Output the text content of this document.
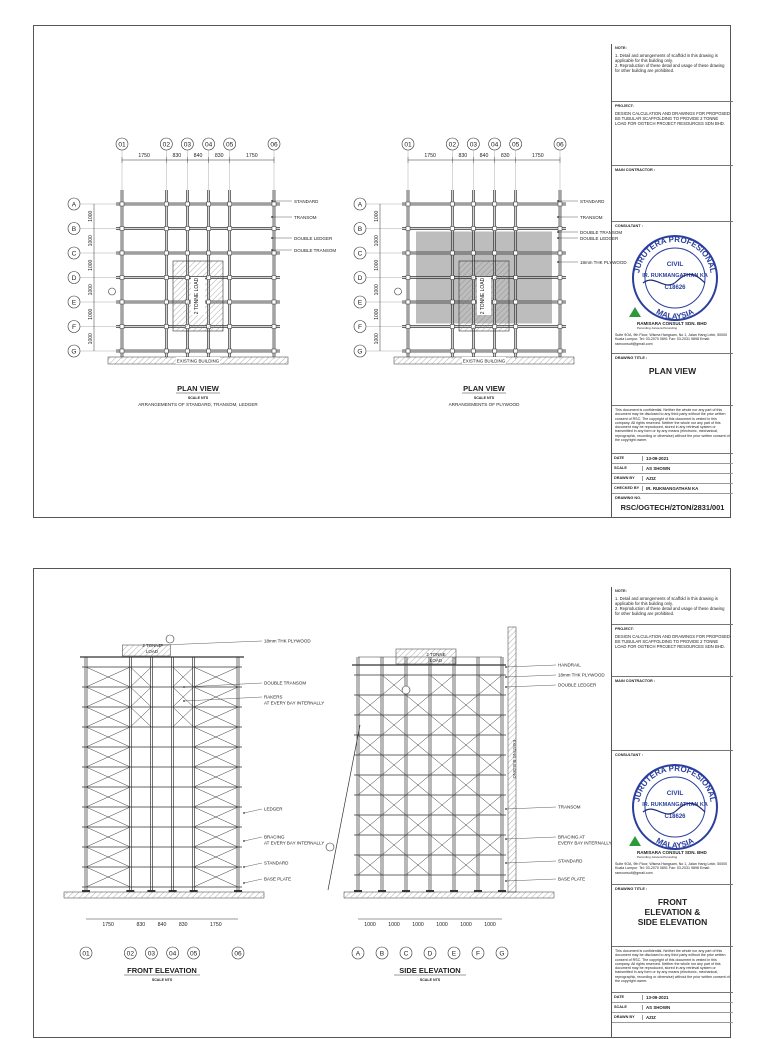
01	02 03 04 05	06
1750	830 840 830	1750
A
B
C
D
E
F
G
1000
1000
1000
1000
1000
1000
2 TONNE LOAD
EXISTING BUILDING
STANDARD
TRANSOM
DOUBLE LEDGER
DOUBLE TRANSOM
PLAN VIEW
SCALE NTS
ARRANGEMENTS OF STANDARD, TRANSOM, LEDGER
01	02 03 04 05	06
1750	830 840 830	1750
A
B
C
D
E
F
G
1000
1000
1000
1000
1000
1000
2 TONNE LOAD
EXISTING BUILDING
STANDARD
TRANSOM
DOUBLE TRANSOM
DOUBLE LEDGER
18mm THK PLYWOOD
PLAN VIEW
SCALE NTS
ARRANGEMENTS OF PLYWOOD
NOTE:
1. Detail and arrangements of scaffold in this drawing is applicable for this building only.
2. Reproduction of these detail and usage of these drawing for other building are prohibited.
PROJECT:
DESIGN CALCULATION AND DRAWINGS FOR PROPOSED BS TUBULAR SCAFFOLDING TO PROVIDE 2 TONNE LOAD FOR OGTECH PROJECT RESOURCES SDN BHD.
MAIN CONTRACTOR :
CONSULTANT :
JURUTERA PROFESIONAL
MALAYSIA
CIVIL
IR. RUKMANGATHAN KA
C18626
RAMISARA CONSULT SDN. BHD
Perunding Jurutera Perunding
Suite 9OA, 9th Floor, Wisma Hangsam, No 1, Jalan Hang Lekir, 50000 Kuala Lumpur. Tel: 03-2070 0891 Fax: 03-2031 9898 Email: ramconsult@gmail.com
DRAWING TITLE :
PLAN VIEW
This document is confidential. Neither the whole nor any part of this document may be disclosed to any third party without the prior written consent of RSC. The copyright of this document is vested in this company. All rights reserved. Neither the whole nor any part of this document may be reproduced, stored in any retrieval system or transmitted in any form or by any means (electronic, mechanical, reprographic, recording or otherwise) without the prior written consent of the copyright owner.
DATE	13-09-2021
SCALE	AS SHOWN
DRAWN BY	AZIZ
CHECKED BY	IR. RUKMANGATHAN KA
DRAWING NO.
RSC/OGTECH/2TON/2831/001
18mm THK PLYWOOD
DOUBLE TRANSOM
RAKERS
AT EVERY BAY INTERNALLY
LEDGER
BRACING
AT EVERY BAY INTERNALLY
STANDARD
BASE PLATE
1750	830 840 830	1750
01	02 03 04 05	06
FRONT ELEVATION
SCALE NTS
EXISTING BUILDING
HANDRAIL
18mm THK PLYWOOD
DOUBLE LEDGER
TRANSOM
BRACING AT
EVERY BAY INTERNALLY
STANDARD
BASE PLATE
1000 1000 1000 1000 1000 1000
A	B	C	D	E	F	G
SIDE ELEVATION
SCALE NTS
2 TONNE
LOAD
2 TONNE
LOAD
NOTE:
1. Detail and arrangements of scaffold in this drawing is applicable for this building only.
2. Reproduction of these detail and usage of these drawing for other building are prohibited.
PROJECT:
DESIGN CALCULATION AND DRAWINGS FOR PROPOSED BS TUBULAR SCAFFOLDING TO PROVIDE 2 TONNE LOAD FOR OGTECH PROJECT RESOURCES SDN BHD.
MAIN CONTRACTOR :
CONSULTANT :
JURUTERA PROFESIONAL
MALAYSIA
CIVIL
IR. RUKMANGATHAN KA
C18626
RAMISARA CONSULT SDN. BHD
Perunding Jurutera Perunding
Suite 9OA, 9th Floor, Wisma Hangsam, No 1, Jalan Hang Lekir, 50000 Kuala Lumpur. Tel: 03-2070 0891 Fax: 03-2031 9898 Email: ramconsult@gmail.com
DRAWING TITLE :
FRONT ELEVATION & SIDE ELEVATION
This document is confidential. Neither the whole nor any part of this document may be disclosed to any third party without the prior written consent of RSC. The copyright of this document is vested in this company. All rights reserved. Neither the whole nor any part of this document may be reproduced, stored in any retrieval system or transmitted in any form or by any means (electronic, mechanical, reprographic, recording or otherwise) without the prior written consent of the copyright owner.
DATE	13-09-2021
SCALE	AS SHOWN
DRAWN BY	AZIZ
